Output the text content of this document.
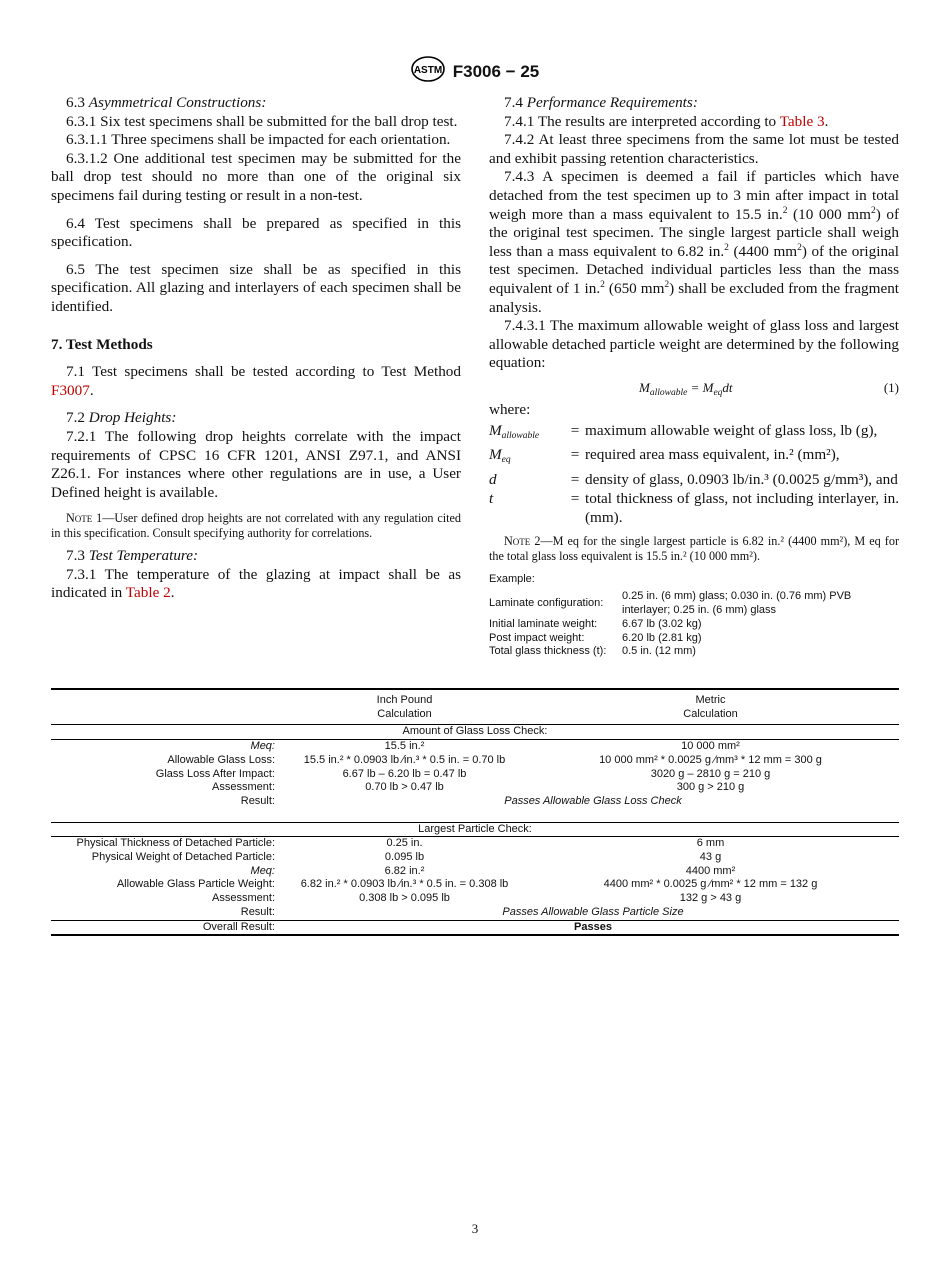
ASTM F3006 − 25

6.3 Asymmetrical Constructions:

6.3.1 Six test specimens shall be submitted for the ball drop test.

6.3.1.1 Three specimens shall be impacted for each orientation.

6.3.1.2 One additional test specimen may be submitted for the ball drop test should no more than one of the original six specimens fail during testing or result in a non-test.

6.4 Test specimens shall be prepared as specified in this specification.

6.5 The test specimen size shall be as specified in this specification. All glazing and interlayers of each specimen shall be identified.

7. Test Methods

7.1 Test specimens shall be tested according to Test Method F3007.

7.2 Drop Heights:

7.2.1 The following drop heights correlate with the impact requirements of CPSC 16 CFR 1201, ANSI Z97.1, and ANSI Z26.1. For instances where other regulations are in use, a User Defined height is available.

Note 1—User defined drop heights are not correlated with any regulation cited in this specification. Consult specifying authority for correlations.

7.3 Test Temperature:

7.3.1 The temperature of the glazing at impact shall be as indicated in Table 2.

7.4 Performance Requirements:

7.4.1 The results are interpreted according to Table 3.

7.4.2 At least three specimens from the same lot must be tested and exhibit passing retention characteristics.

7.4.3 A specimen is deemed a fail if particles which have detached from the test specimen up to 3 min after impact in total weigh more than a mass equivalent to 15.5 in.$^2$ (10 000 $mm^2$) of the original test specimen. The single largest particle shall weigh less than a mass equivalent to 6.82 in.$^2$ (4400 $mm^2$) of the original test specimen. Detached individual particles less than the mass equivalent of 1 in.$^2$ (650 $mm^2$) shall be excluded from the fragment analysis.

7.4.3.1 The maximum allowable weight of glass loss and largest allowable detached particle weight are determined by the following equation:

$M_{allowable} = M_{eq}dt$	(1)

where:

$M_{allowable}$	= maximum allowable weight of glass loss, lb (g),
$M_{eq}$	= required area mass equivalent, in.² (mm²),
d	= density of glass, 0.0903 lb/in.³ (0.0025 g/mm³), and
t	= total thickness of glass, not including interlayer, in. (mm).

Note 2—M eq for the single largest particle is 6.82 in.² (4400 mm²), M eq for the total glass loss equivalent is 15.5 in.² (10 000 mm²).

Example:
Laminate configuration:
0.25 in. (6 mm) glass; 0.030 in. (0.76 mm) PVB interlayer; 0.25 in. (6 mm) glass
Initial laminate weight:	6.67 lb (3.02 kg)
Post impact weight:	6.20 lb (2.81 kg)
Total glass thickness (t):	0.5 in. (12 mm)
Inch Pound
Calculation
Metric
Calculation
Amount of Glass Loss Check:
Meq:	15.5 in.²	10 000 mm²
Allowable Glass Loss:	15.5 in.² * 0.0903 lb ⁄in.³ * 0.5 in. = 0.70 lb	10 000 mm² * 0.0025 g ⁄mm³ * 12 mm = 300 g
Glass Loss After Impact:	6.67 lb – 6.20 lb = 0.47 lb	3020 g – 2810 g = 210 g
Assessment:	0.70 lb > 0.47 lb	300 g > 210 g
Result:	Passes Allowable Glass Loss Check
Largest Particle Check:
Physical Thickness of Detached Particle:	0.25 in.	6 mm
Physical Weight of Detached Particle:	0.095 lb	43 g
Meq:	6.82 in.²	4400 mm²
Allowable Glass Particle Weight:	6.82 in.² * 0.0903 lb ⁄in.³ * 0.5 in. = 0.308 lb	4400 mm² * 0.0025 g ⁄mm² * 12 mm = 132 g
Assessment:	0.308 lb > 0.095 lb	132 g > 43 g
Result:	Passes Allowable Glass Particle Size
Overall Result:	Passes
3
